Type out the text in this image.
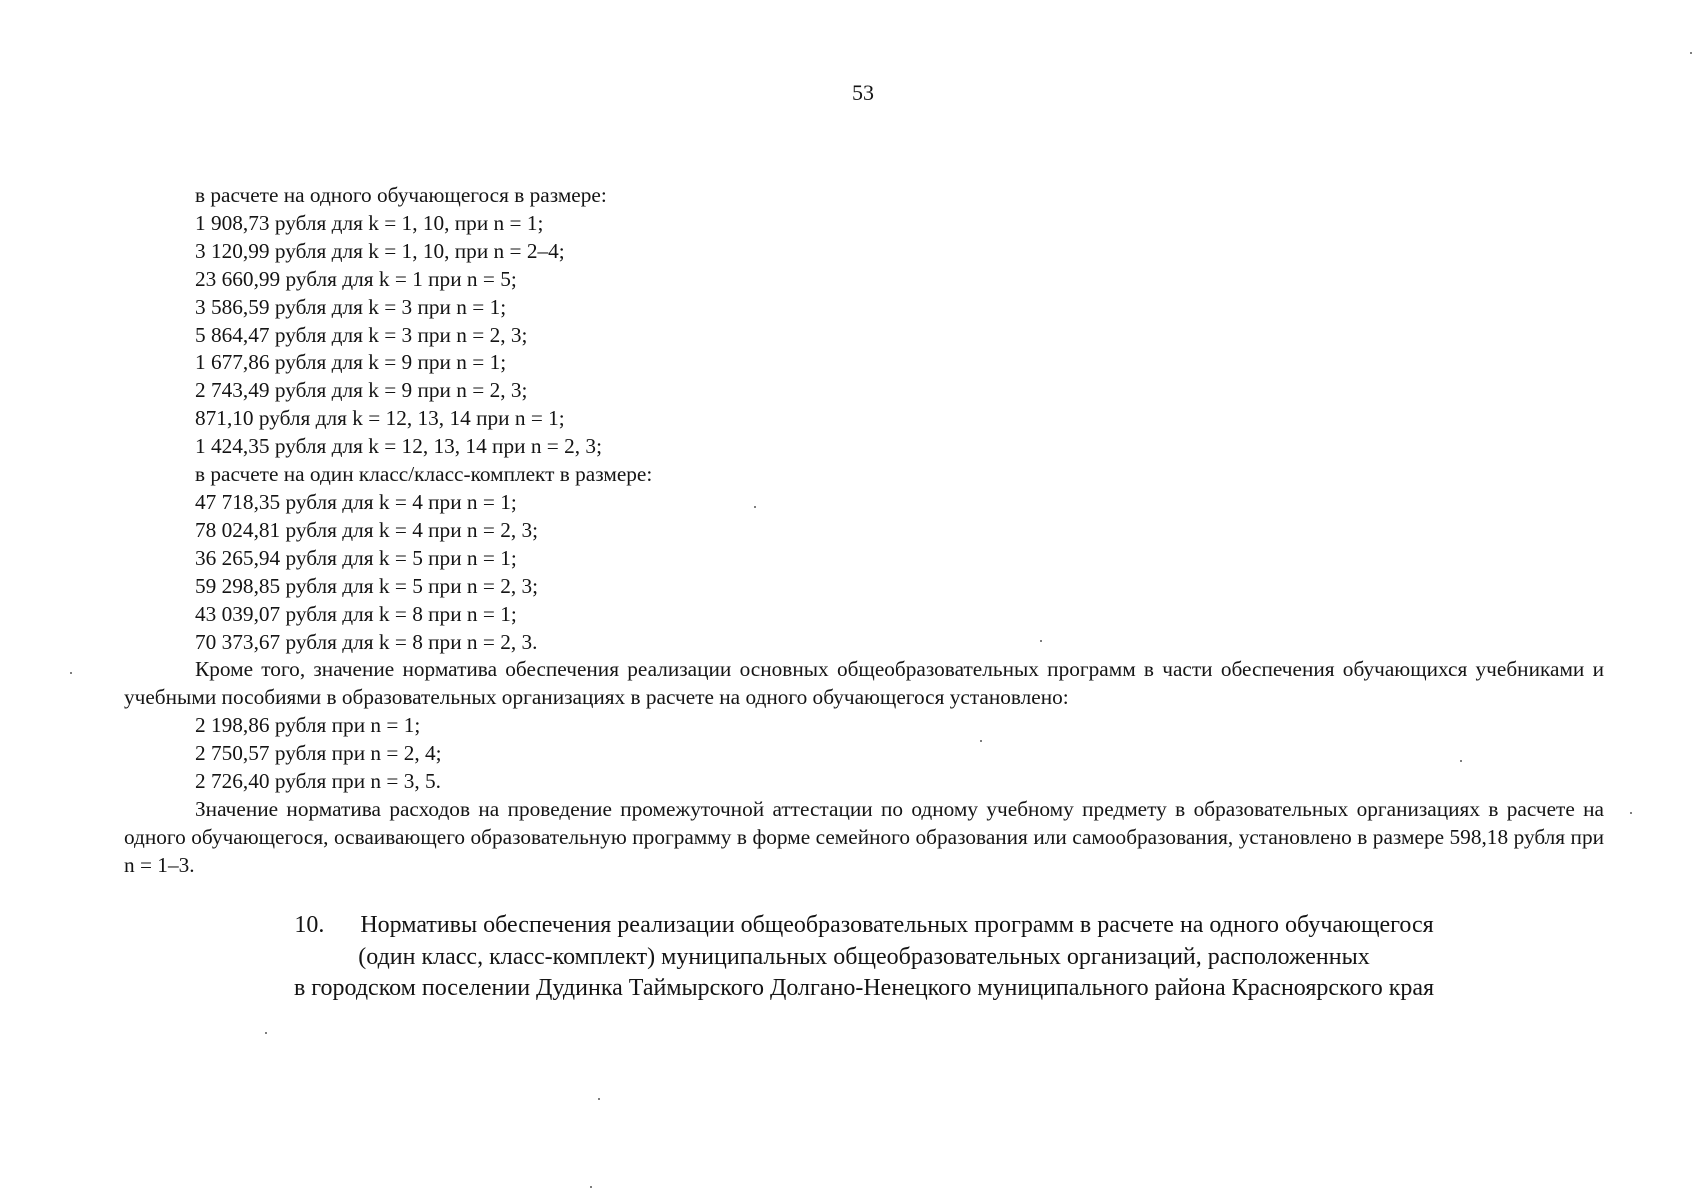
53
в расчете на одного обучающегося в размере:
1 908,73 рубля для k = 1, 10, при n = 1;
3 120,99 рубля для k = 1, 10, при n = 2–4;
23 660,99 рубля для k = 1 при n = 5;
3 586,59 рубля для k = 3 при n = 1;
5 864,47 рубля для k = 3 при n = 2, 3;
1 677,86 рубля для k = 9 при n = 1;
2 743,49 рубля для k = 9 при n = 2, 3;
871,10 рубля для k = 12, 13, 14 при n = 1;
1 424,35 рубля для k = 12, 13, 14 при n = 2, 3;
в расчете на один класс/класс-комплект в размере:
47 718,35 рубля для k = 4 при n = 1;
78 024,81 рубля для k = 4 при n = 2, 3;
36 265,94 рубля для k = 5 при n = 1;
59 298,85 рубля для k = 5 при n = 2, 3;
43 039,07 рубля для k = 8 при n = 1;
70 373,67 рубля для k = 8 при n = 2, 3.
Кроме того, значение норматива обеспечения реализации основных общеобразовательных программ в части обеспечения обучающихся учебниками и учебными пособиями в образовательных организациях в расчете на одного обучающегося установлено:
2 198,86 рубля при n = 1;
2 750,57 рубля при n = 2, 4;
2 726,40 рубля при n = 3, 5.
Значение норматива расходов на проведение промежуточной аттестации по одному учебному предмету в образовательных организациях в расчете на одного обучающегося, осваивающего образовательную программу в форме семейного образования или самообразования, установлено в размере 598,18 рубля при n = 1–3.
10. Нормативы обеспечения реализации общеобразовательных программ в расчете на одного обучающегося
(один класс, класс-комплект) муниципальных общеобразовательных организаций, расположенных
в городском поселении Дудинка Таймырского Долгано-Ненецкого муниципального района Красноярского края
